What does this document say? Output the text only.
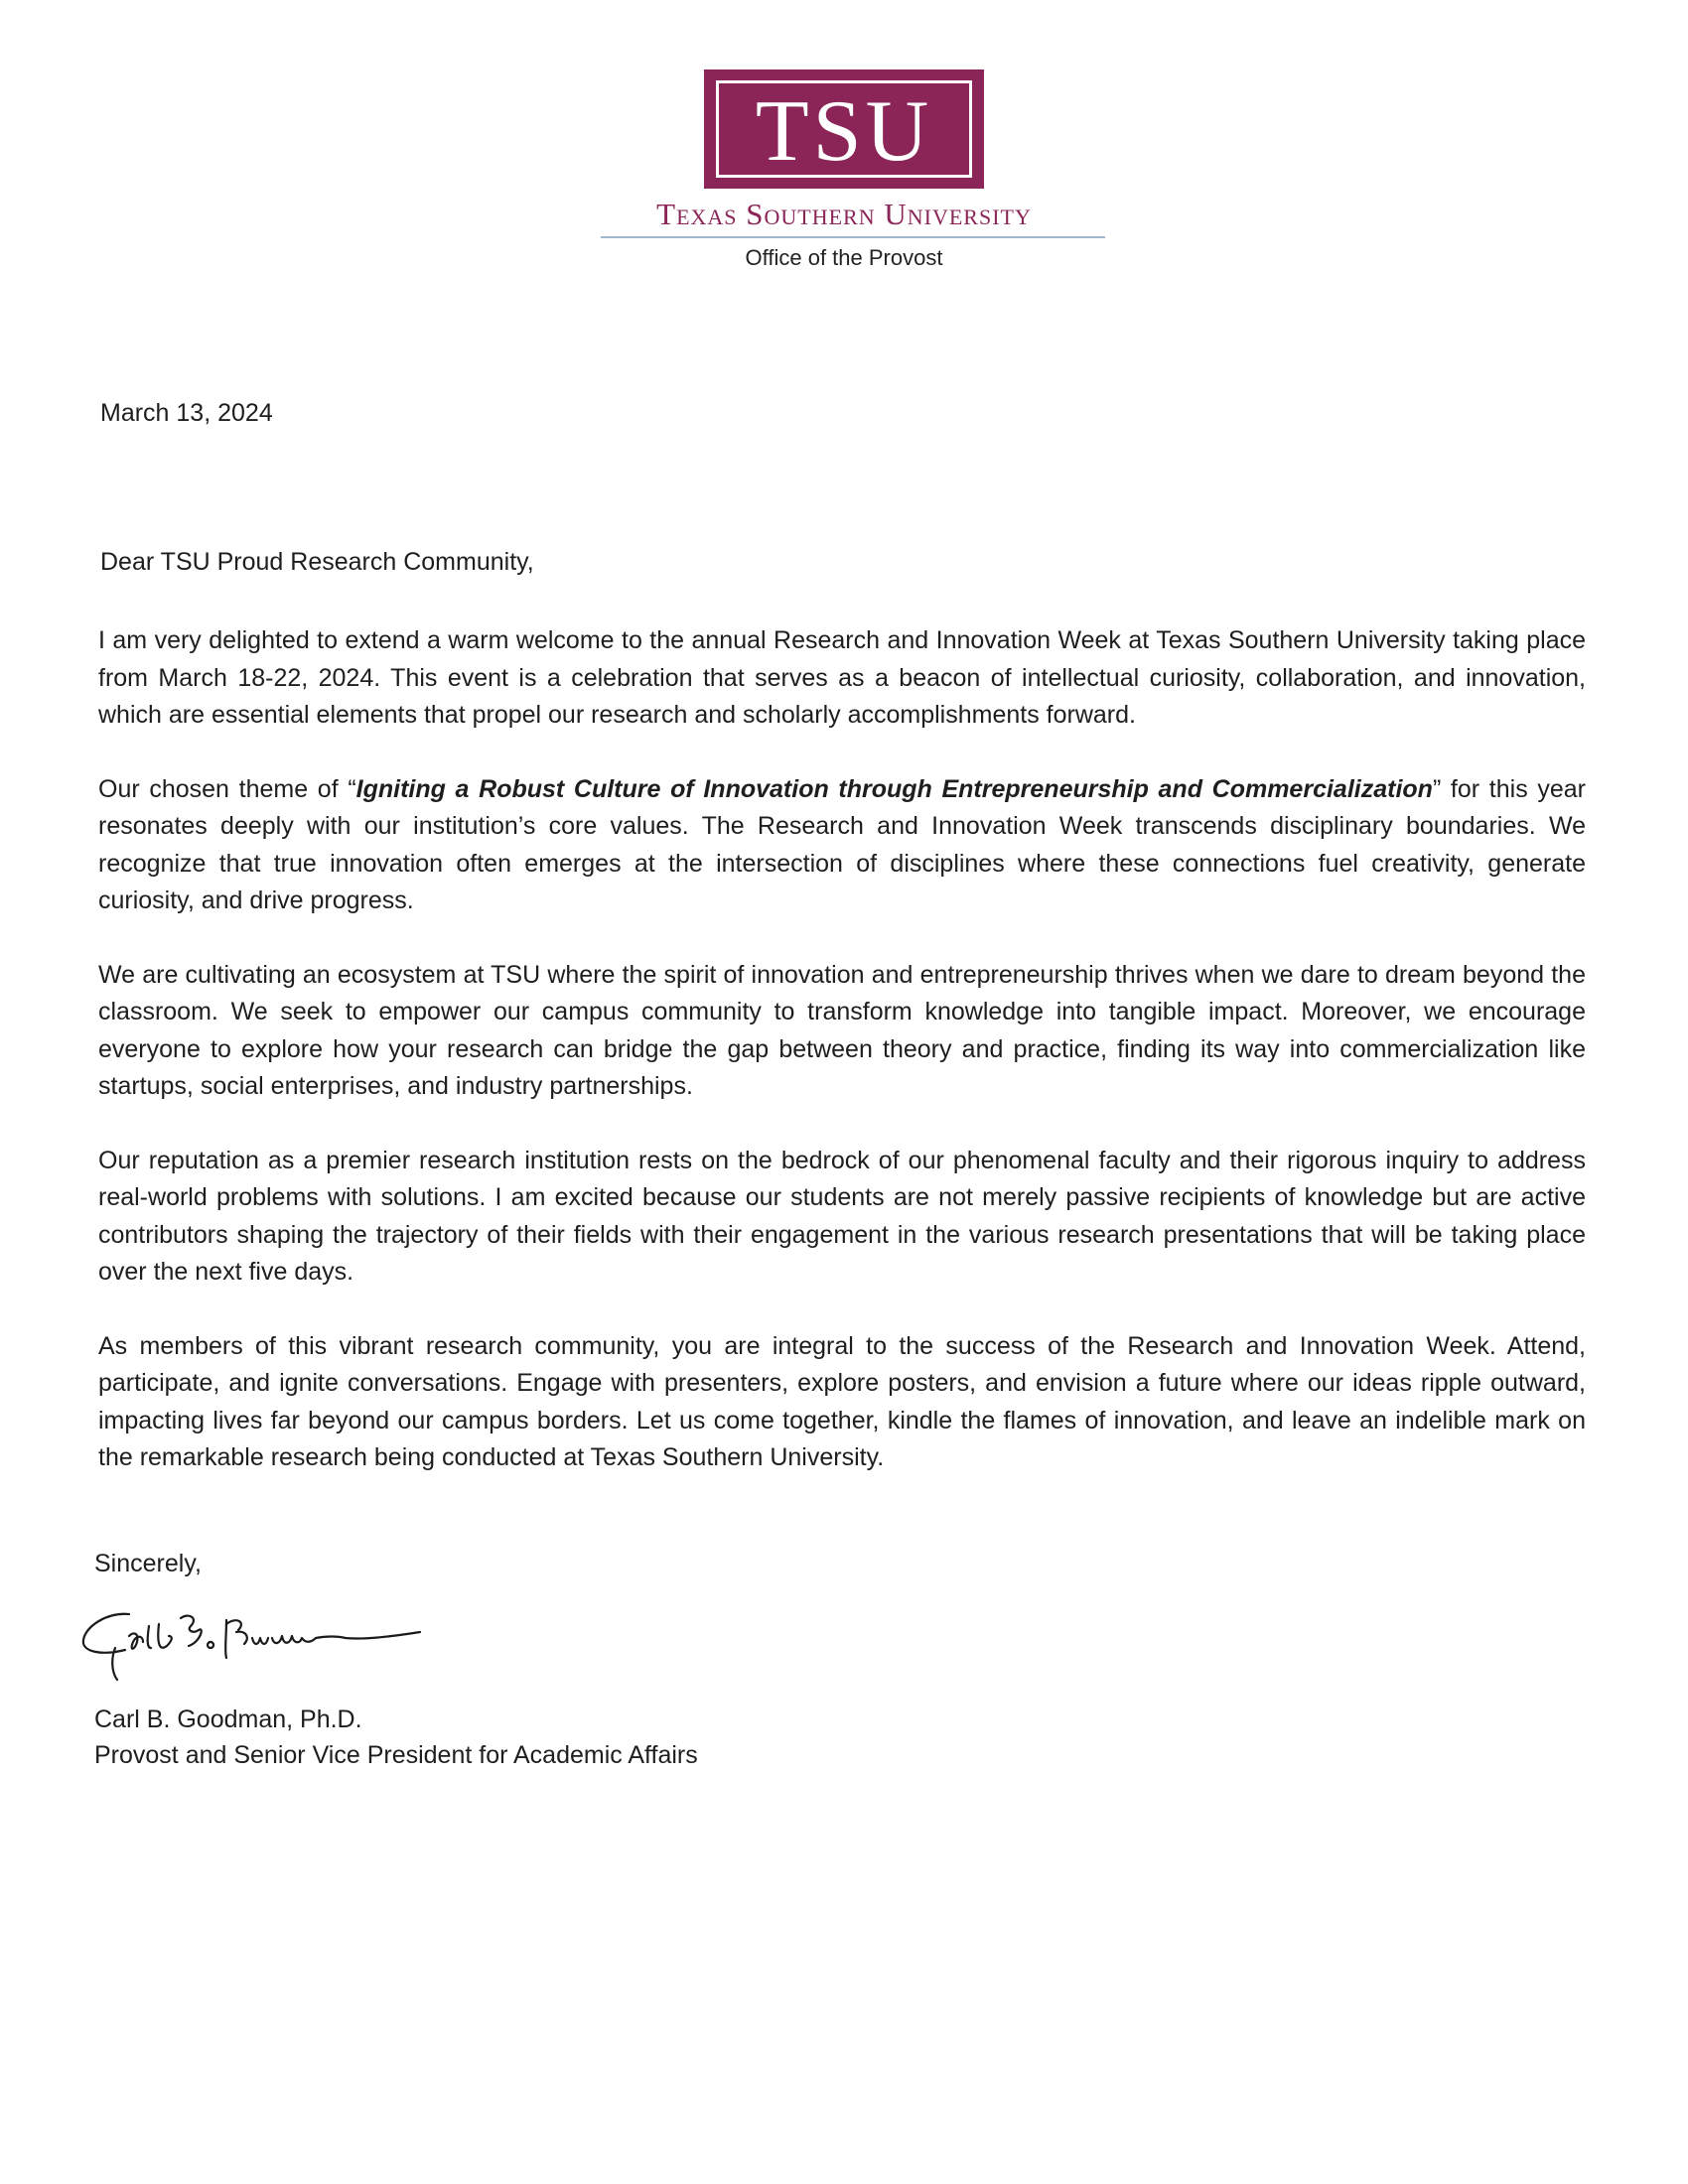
TSU
Texas Southern University
Office of the Provost
March 13, 2024
Dear TSU Proud Research Community,

I am very delighted to extend a warm welcome to the annual Research and Innovation Week at Texas Southern University taking place from March 18-22, 2024. This event is a celebration that serves as a beacon of intellectual curiosity, collaboration, and innovation, which are essential elements that propel our research and scholarly accomplishments forward.

Our chosen theme of “Igniting a Robust Culture of Innovation through Entrepreneurship and Commercialization” for this year resonates deeply with our institution’s core values. The Research and Innovation Week transcends disciplinary boundaries. We recognize that true innovation often emerges at the intersection of disciplines where these connections fuel creativity, generate curiosity, and drive progress.

We are cultivating an ecosystem at TSU where the spirit of innovation and entrepreneurship thrives when we dare to dream beyond the classroom. We seek to empower our campus community to transform knowledge into tangible impact. Moreover, we encourage everyone to explore how your research can bridge the gap between theory and practice, finding its way into commercialization like startups, social enterprises, and industry partnerships.

Our reputation as a premier research institution rests on the bedrock of our phenomenal faculty and their rigorous inquiry to address real-world problems with solutions. I am excited because our students are not merely passive recipients of knowledge but are active contributors shaping the trajectory of their fields with their engagement in the various research presentations that will be taking place over the next five days.

As members of this vibrant research community, you are integral to the success of the Research and Innovation Week. Attend, participate, and ignite conversations. Engage with presenters, explore posters, and envision a future where our ideas ripple outward, impacting lives far beyond our campus borders. Let us come together, kindle the flames of innovation, and leave an indelible mark on the remarkable research being conducted at Texas Southern University.

Sincerely,
Carl B. Goodman, Ph.D.
Provost and Senior Vice President for Academic Affairs
